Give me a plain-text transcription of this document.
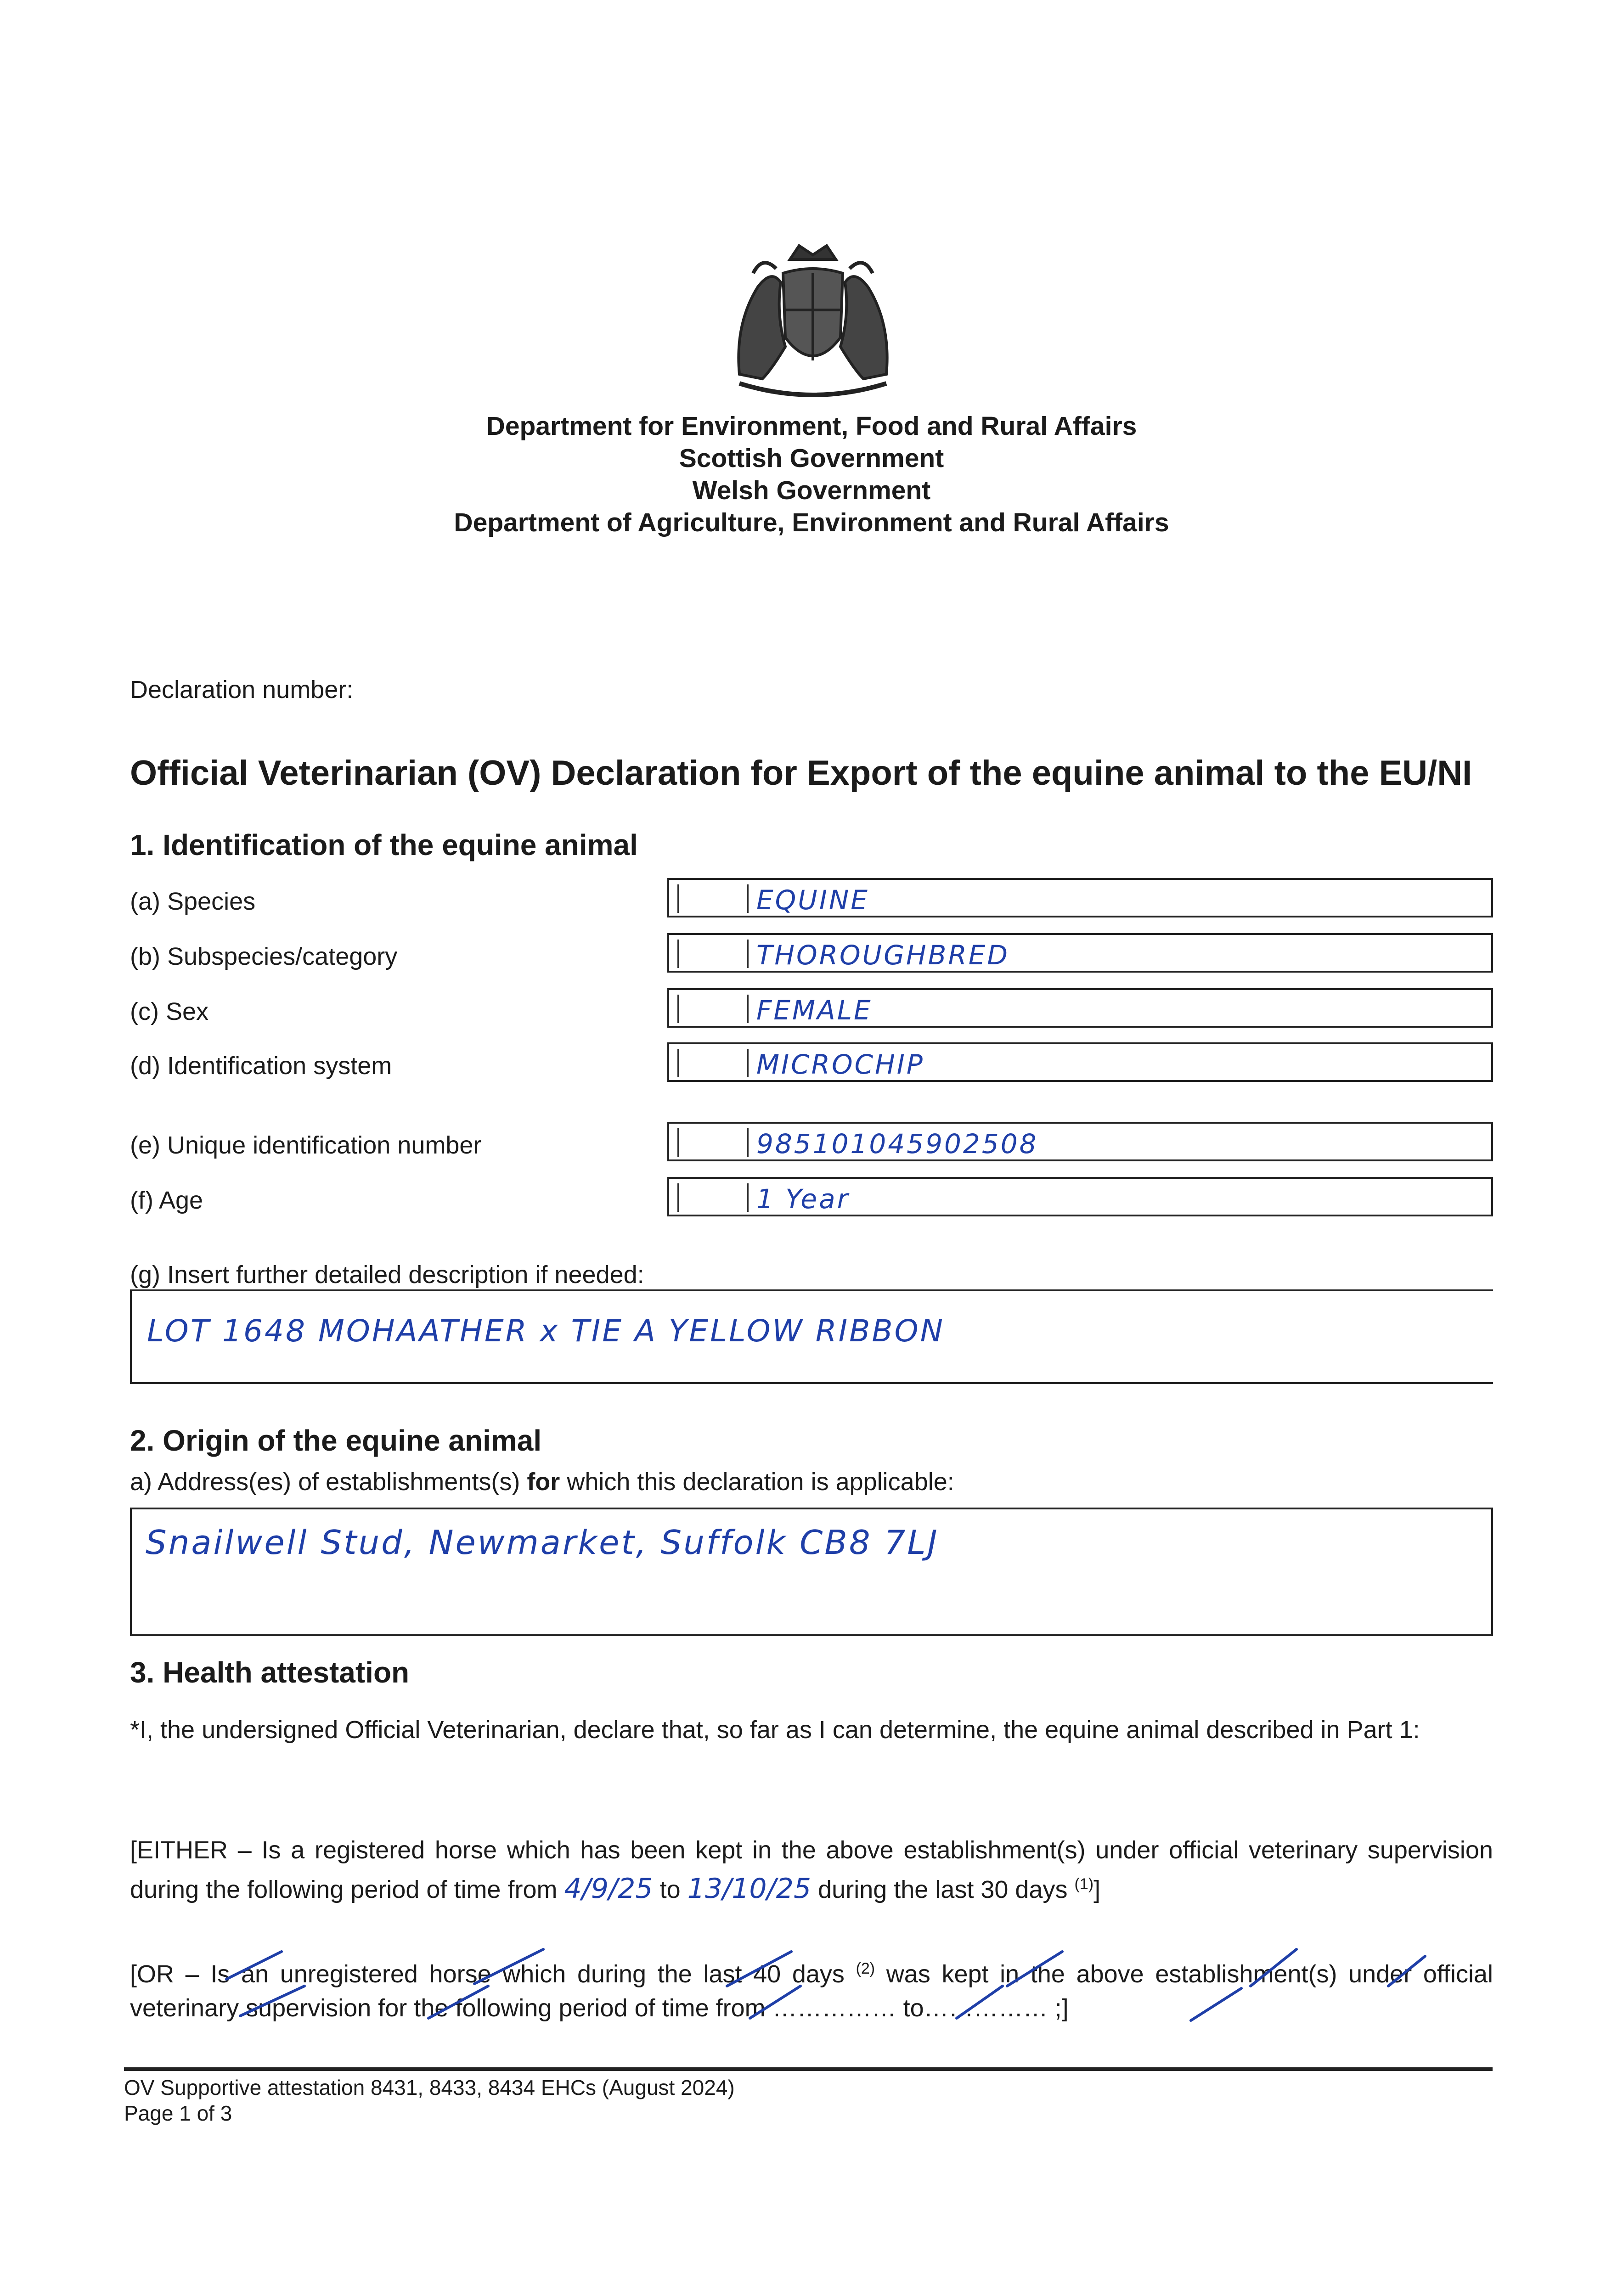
Department for Environment, Food and Rural Affairs
Scottish Government
Welsh Government
Department of Agriculture, Environment and Rural Affairs
Declaration number:
Official Veterinarian (OV) Declaration for Export of the equine animal to the EU/NI
1. Identification of the equine animal
(a) Species	EQUINE
(b) Subspecies/category	THOROUGHBRED
(c) Sex	FEMALE
(d) Identification system	MICROCHIP
(e) Unique identification number	985101045902508
(f) Age	1 Year
(g) Insert further detailed description if needed:
LOT 1648 MOHAATHER x TIE A YELLOW RIBBON
2. Origin of the equine animal
a) Address(es) of establishments(s) for which this declaration is applicable:
Snailwell Stud, Newmarket, Suffolk CB8 7LJ
3. Health attestation
*I, the undersigned Official Veterinarian, declare that, so far as I can determine, the equine animal described in Part 1:
[EITHER – Is a registered horse which has been kept in the above establishment(s) under official veterinary supervision during the following period of time from 4/9/25 to 13/10/25 during the last 30 days $^{(1)}$]
[OR – Is an unregistered horse which during the last 40 days $^{(2)}$ was kept in the above establishment(s) under official veterinary supervision for the following period of time from …………… to…………… ;]
OV Supportive attestation 8431, 8433, 8434 EHCs (August 2024)
Page 1 of 3
